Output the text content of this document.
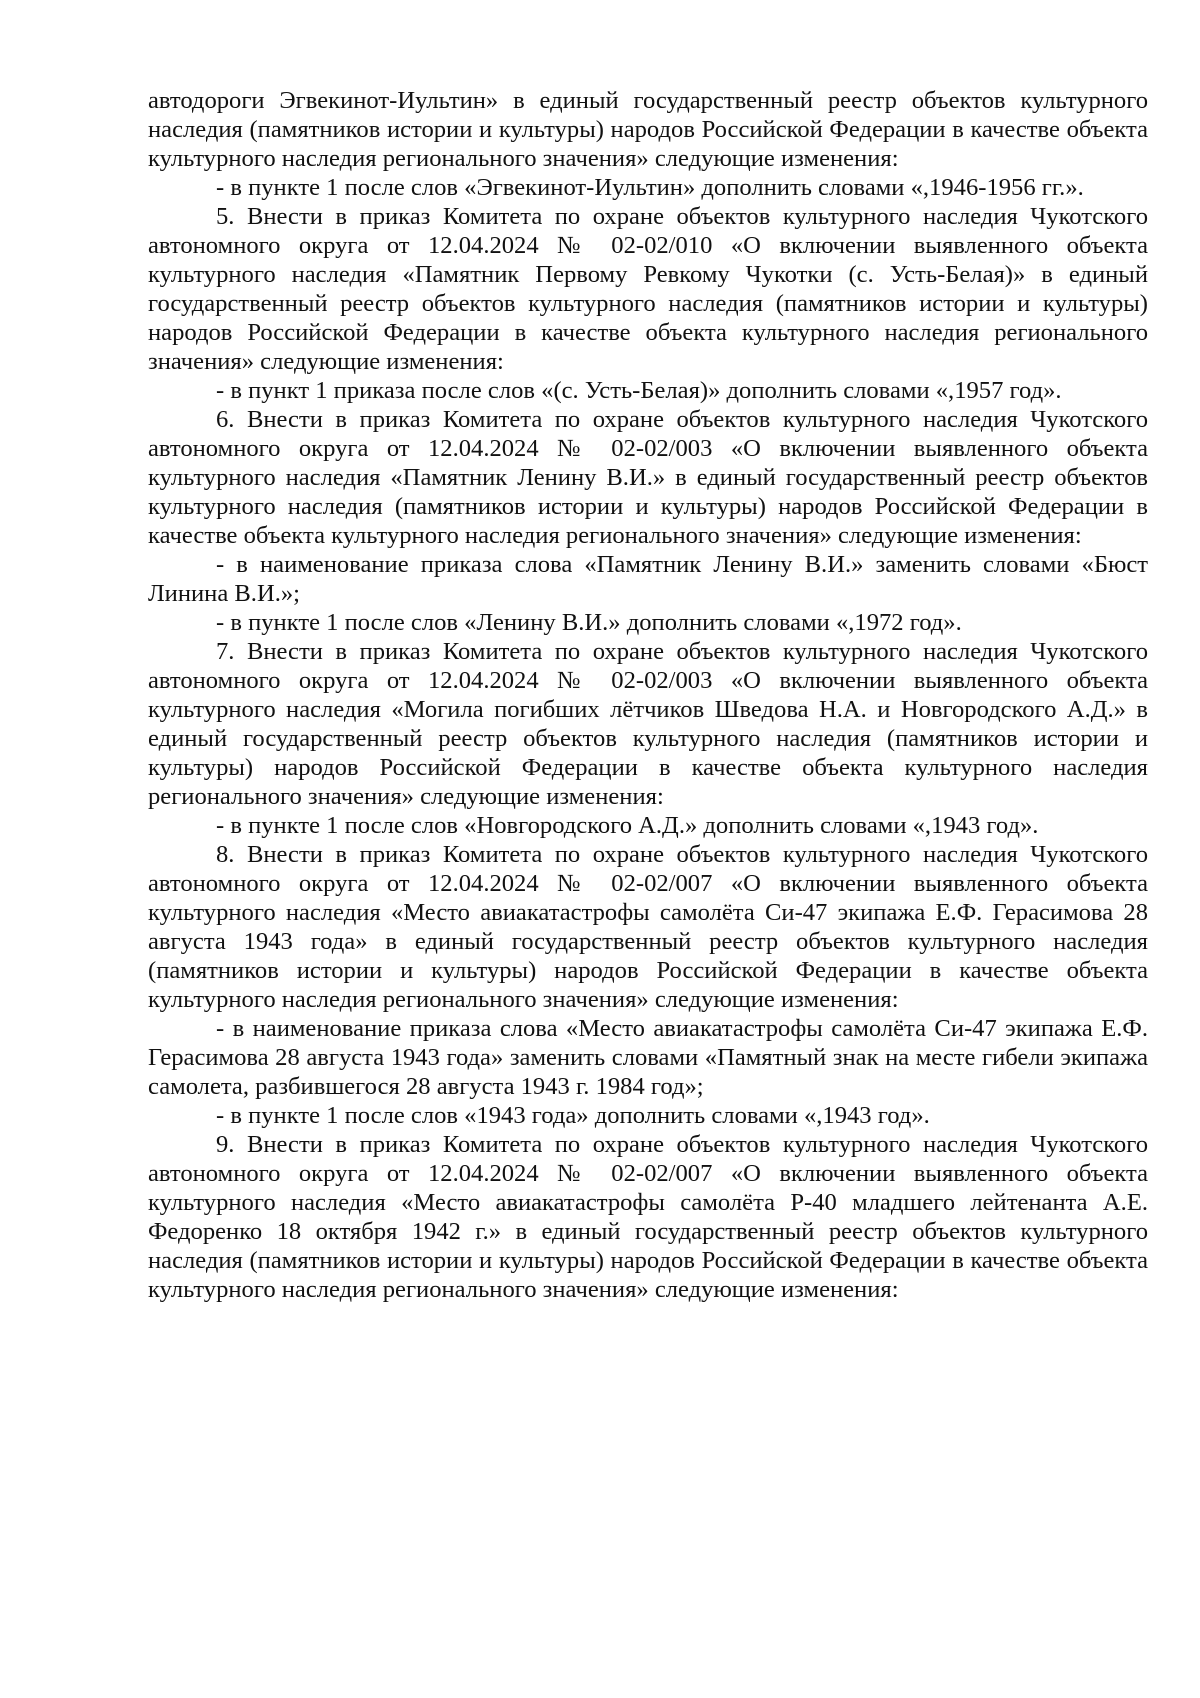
автодороги Эгвекинот-Иультин» в единый государственный реестр объектов культурного наследия (памятников истории и культуры) народов Российской Федерации в качестве объекта культурного наследия регионального значения» следующие изменения:

- в пункте 1 после слов «Эгвекинот-Иультин» дополнить словами «,1946-1956 гг.».

5. Внести в приказ Комитета по охране объектов культурного наследия Чукотского автономного округа от 12.04.2024 № 02-02/010 «О включении выявленного объекта культурного наследия «Памятник Первому Ревкому Чукотки (с. Усть-Белая)» в единый государственный реестр объектов культурного наследия (памятников истории и культуры) народов Российской Федерации в качестве объекта культурного наследия регионального значения» следующие изменения:

- в пункт 1 приказа после слов «(с. Усть-Белая)» дополнить словами «,1957 год».

6. Внести в приказ Комитета по охране объектов культурного наследия Чукотского автономного округа от 12.04.2024 № 02-02/003 «О включении выявленного объекта культурного наследия «Памятник Ленину В.И.» в единый государственный реестр объектов культурного наследия (памятников истории и культуры) народов Российской Федерации в качестве объекта культурного наследия регионального значения» следующие изменения:

- в наименование приказа слова «Памятник Ленину В.И.» заменить словами «Бюст Линина В.И.»;

- в пункте 1 после слов «Ленину В.И.» дополнить словами «,1972 год».

7. Внести в приказ Комитета по охране объектов культурного наследия Чукотского автономного округа от 12.04.2024 № 02-02/003 «О включении выявленного объекта культурного наследия «Могила погибших лётчиков Шведова Н.А. и Новгородского А.Д.» в единый государственный реестр объектов культурного наследия (памятников истории и культуры) народов Российской Федерации в качестве объекта культурного наследия регионального значения» следующие изменения:

- в пункте 1 после слов «Новгородского А.Д.» дополнить словами «,1943 год».

8. Внести в приказ Комитета по охране объектов культурного наследия Чукотского автономного округа от 12.04.2024 № 02-02/007 «О включении выявленного объекта культурного наследия «Место авиакатастрофы самолёта Си-47 экипажа Е.Ф. Герасимова 28 августа 1943 года» в единый государственный реестр объектов культурного наследия (памятников истории и культуры) народов Российской Федерации в качестве объекта культурного наследия регионального значения» следующие изменения:

- в наименование приказа слова «Место авиакатастрофы самолёта Си-47 экипажа Е.Ф. Герасимова 28 августа 1943 года» заменить словами «Памятный знак на месте гибели экипажа самолета, разбившегося 28 августа 1943 г. 1984 год»;

- в пункте 1 после слов «1943 года» дополнить словами «,1943 год».

9. Внести в приказ Комитета по охране объектов культурного наследия Чукотского автономного округа от 12.04.2024 № 02-02/007 «О включении выявленного объекта культурного наследия «Место авиакатастрофы самолёта Р-40 младшего лейтенанта А.Е. Федоренко 18 октября 1942 г.» в единый государственный реестр объектов культурного наследия (памятников истории и культуры) народов Российской Федерации в качестве объекта культурного наследия регионального значения» следующие изменения:
